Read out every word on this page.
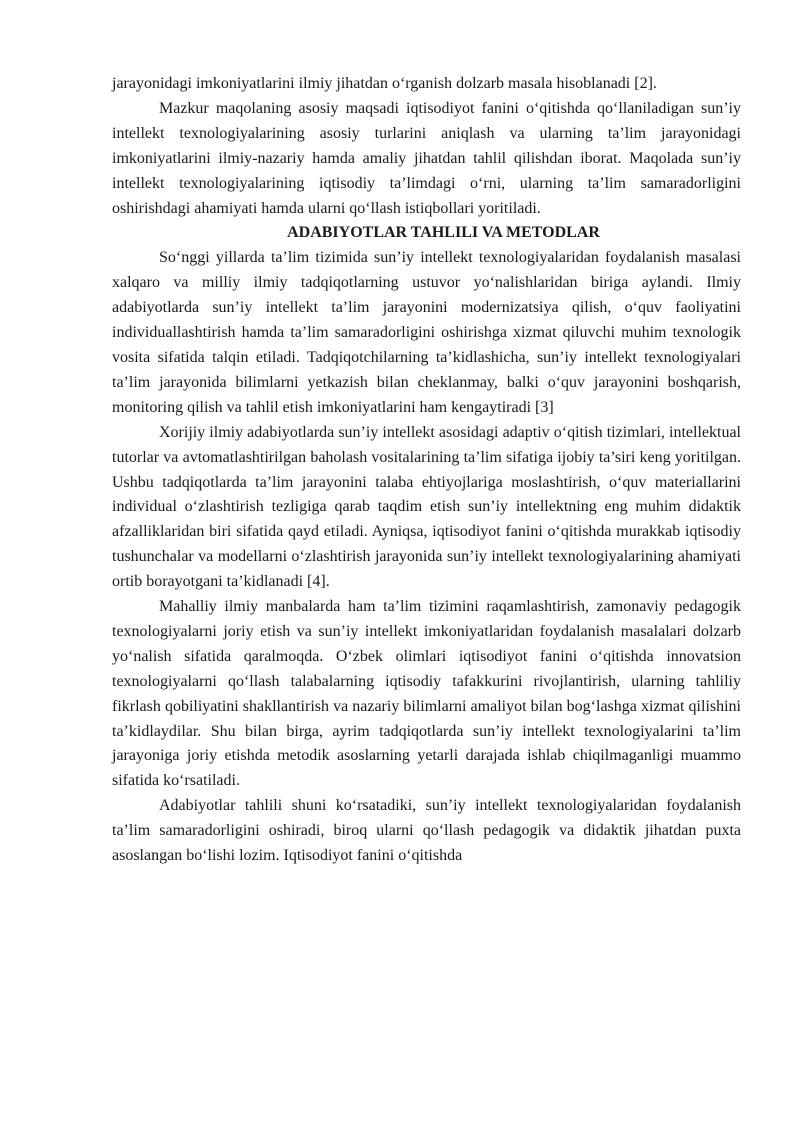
jarayonidagi imkoniyatlarini ilmiy jihatdan o‘rganish dolzarb masala hisoblanadi [2].

Mazkur maqolaning asosiy maqsadi iqtisodiyot fanini o‘qitishda qo‘llaniladigan sun’iy intellekt texnologiyalarining asosiy turlarini aniqlash va ularning ta’lim jarayonidagi imkoniyatlarini ilmiy-nazariy hamda amaliy jihatdan tahlil qilishdan iborat. Maqolada sun’iy intellekt texnologiyalarining iqtisodiy ta’limdagi o‘rni, ularning ta’lim samaradorligini oshirishdagi ahamiyati hamda ularni qo‘llash istiqbollari yoritiladi.

ADABIYOTLAR TAHLILI VA METODLAR

So‘nggi yillarda ta’lim tizimida sun’iy intellekt texnologiyalaridan foydalanish masalasi xalqaro va milliy ilmiy tadqiqotlarning ustuvor yo‘nalishlaridan biriga aylandi. Ilmiy adabiyotlarda sun’iy intellekt ta’lim jarayonini modernizatsiya qilish, o‘quv faoliyatini individuallashtirish hamda ta’lim samaradorligini oshirishga xizmat qiluvchi muhim texnologik vosita sifatida talqin etiladi. Tadqiqotchilarning ta’kidlashicha, sun’iy intellekt texnologiyalari ta’lim jarayonida bilimlarni yetkazish bilan cheklanmay, balki o‘quv jarayonini boshqarish, monitoring qilish va tahlil etish imkoniyatlarini ham kengaytiradi [3]

Xorijiy ilmiy adabiyotlarda sun’iy intellekt asosidagi adaptiv o‘qitish tizimlari, intellektual tutorlar va avtomatlashtirilgan baholash vositalarining ta’lim sifatiga ijobiy ta’siri keng yoritilgan. Ushbu tadqiqotlarda ta’lim jarayonini talaba ehtiyojlariga moslashtirish, o‘quv materiallarini individual o‘zlashtirish tezligiga qarab taqdim etish sun’iy intellektning eng muhim didaktik afzalliklaridan biri sifatida qayd etiladi. Ayniqsa, iqtisodiyot fanini o‘qitishda murakkab iqtisodiy tushunchalar va modellarni o‘zlashtirish jarayonida sun’iy intellekt texnologiyalarining ahamiyati ortib borayotgani ta’kidlanadi [4].

Mahalliy ilmiy manbalarda ham ta’lim tizimini raqamlashtirish, zamonaviy pedagogik texnologiyalarni joriy etish va sun’iy intellekt imkoniyatlaridan foydalanish masalalari dolzarb yo‘nalish sifatida qaralmoqda. O‘zbek olimlari iqtisodiyot fanini o‘qitishda innovatsion texnologiyalarni qo‘llash talabalarning iqtisodiy tafakkurini rivojlantirish, ularning tahliliy fikrlash qobiliyatini shakllantirish va nazariy bilimlarni amaliyot bilan bog‘lashga xizmat qilishini ta’kidlaydilar. Shu bilan birga, ayrim tadqiqotlarda sun’iy intellekt texnologiyalarini ta’lim jarayoniga joriy etishda metodik asoslarning yetarli darajada ishlab chiqilmaganligi muammo sifatida ko‘rsatiladi.

Adabiyotlar tahlili shuni ko‘rsatadiki, sun’iy intellekt texnologiyalaridan foydalanish ta’lim samaradorligini oshiradi, biroq ularni qo‘llash pedagogik va didaktik jihatdan puxta asoslangan bo‘lishi lozim. Iqtisodiyot fanini o‘qitishda
